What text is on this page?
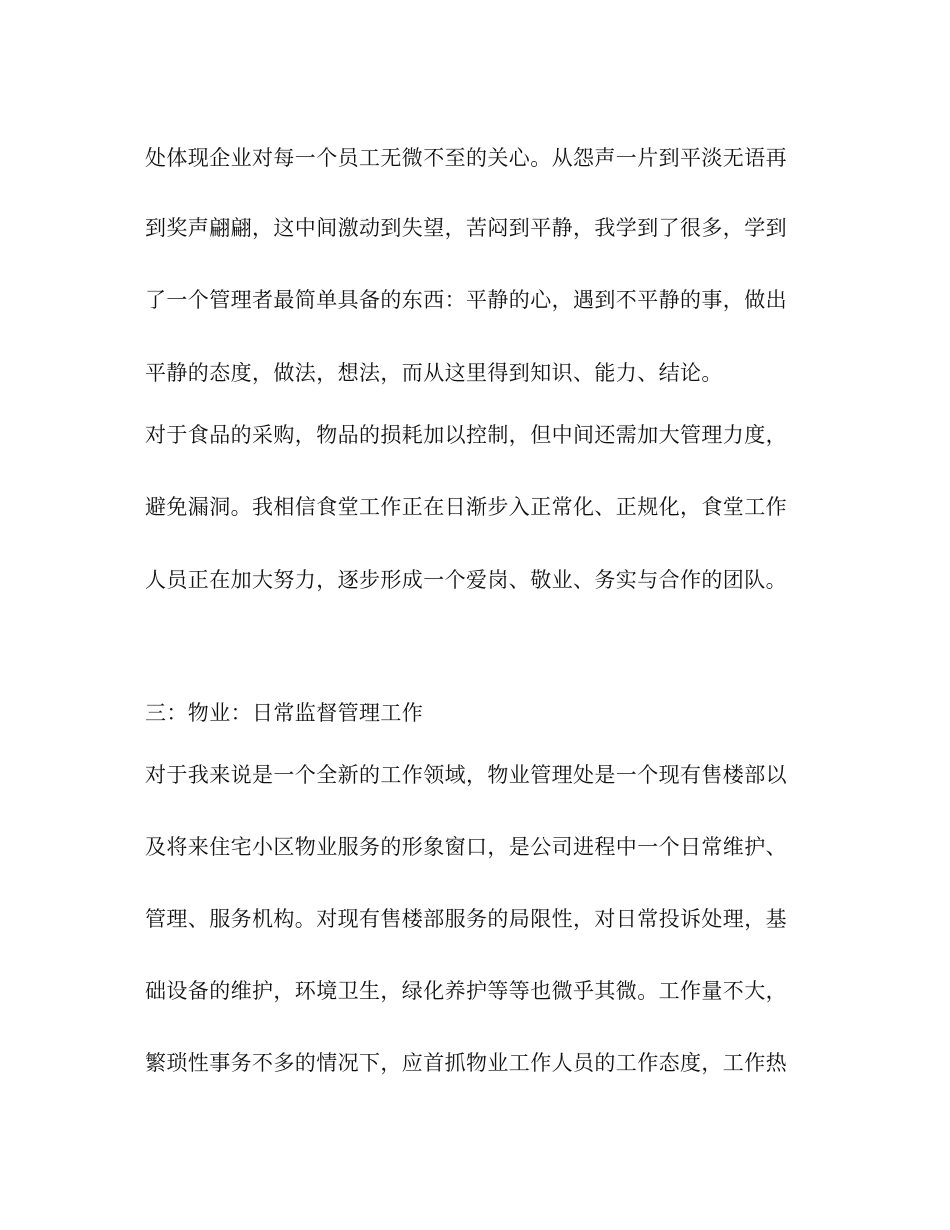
处体现企业对每一个员工无微不至的关心。从怨声一片到平淡无语再
到奖声翩翩，这中间激动到失望，苦闷到平静，我学到了很多，学到
了一个管理者最简单具备的东西：平静的心，遇到不平静的事，做出
平静的态度，做法，想法，而从这里得到知识、能力、结论。
对于食品的采购，物品的损耗加以控制，但中间还需加大管理力度，
避免漏洞。我相信食堂工作正在日渐步入正常化、正规化，食堂工作
人员正在加大努力，逐步形成一个爱岗、敬业、务实与合作的团队。
三：物业：日常监督管理工作
对于我来说是一个全新的工作领域，物业管理处是一个现有售楼部以
及将来住宅小区物业服务的形象窗口，是公司进程中一个日常维护、
管理、服务机构。对现有售楼部服务的局限性，对日常投诉处理，基
础设备的维护，环境卫生，绿化养护等等也微乎其微。工作量不大，
繁琐性事务不多的情况下，应首抓物业工作人员的工作态度，工作热
